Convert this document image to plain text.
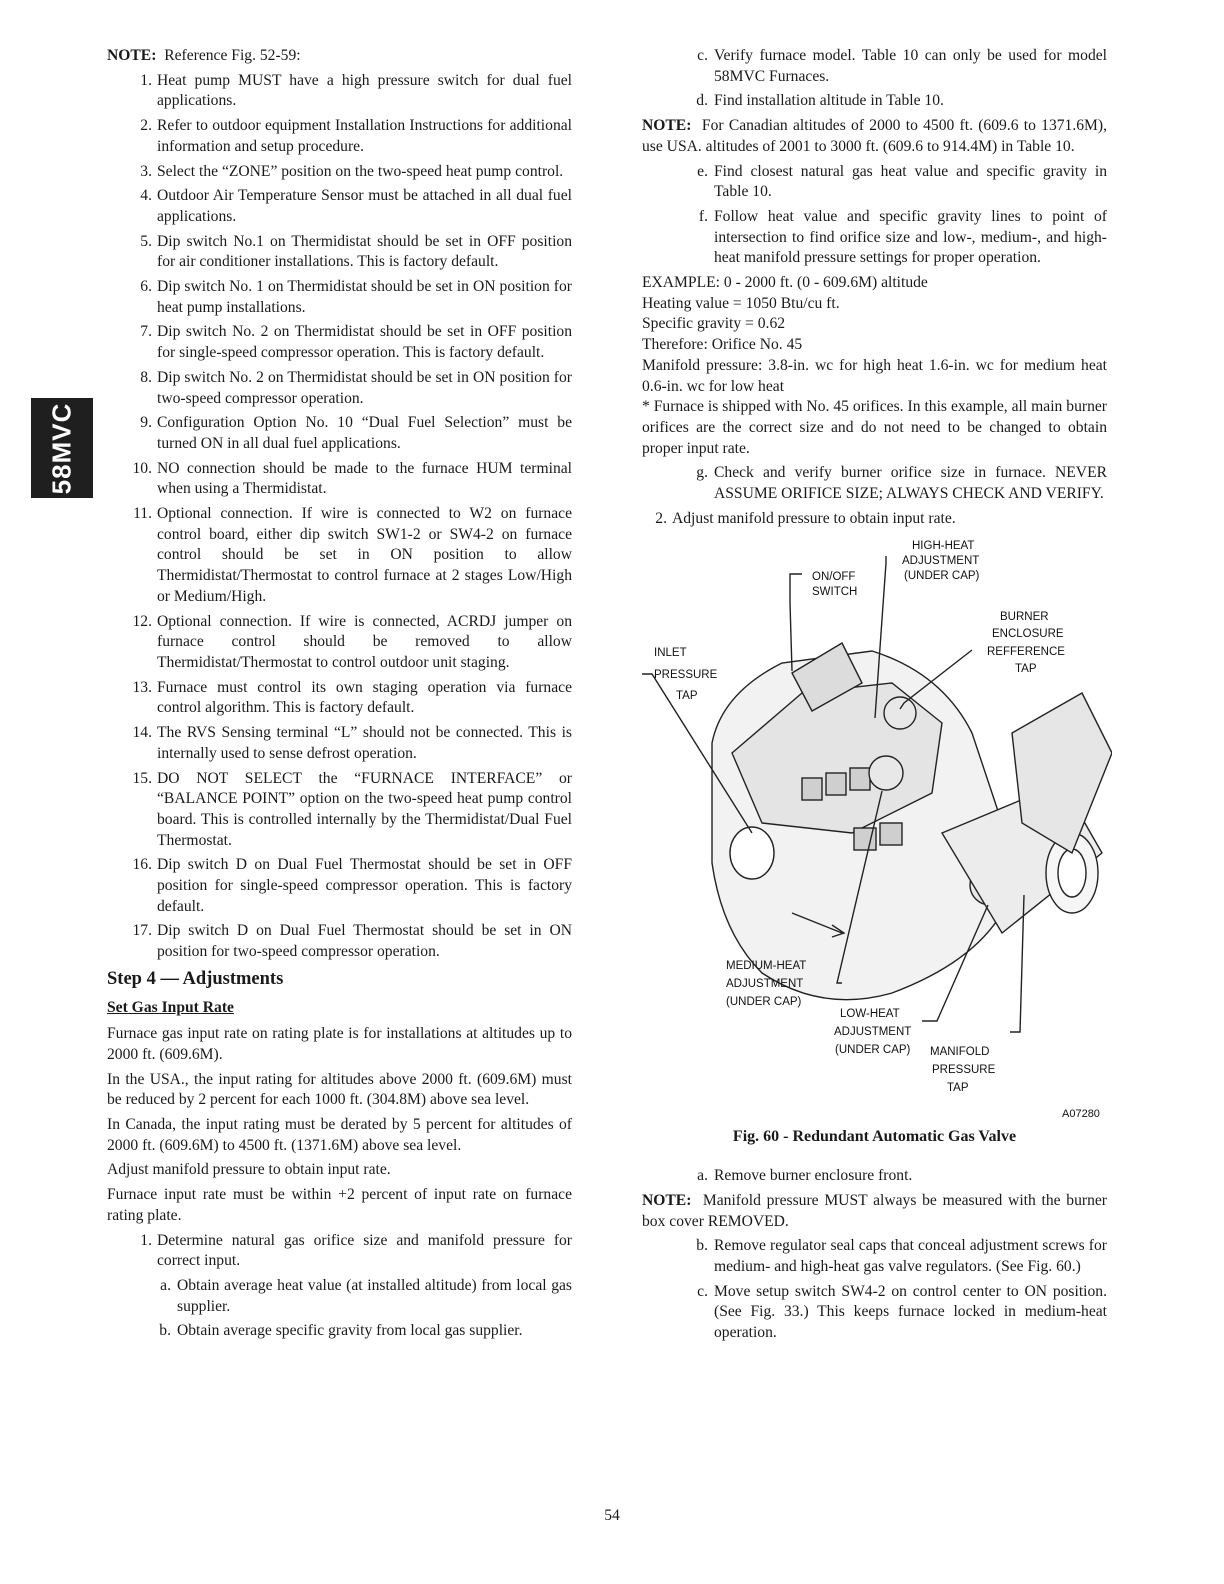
58MVC

NOTE: Reference Fig. 52-59:

1. Heat pump MUST have a high pressure switch for dual fuel applications.
2. Refer to outdoor equipment Installation Instructions for additional information and setup procedure.
3. Select the “ZONE” position on the two-speed heat pump control.
4. Outdoor Air Temperature Sensor must be attached in all dual fuel applications.
5. Dip switch No.1 on Thermidistat should be set in OFF position for air conditioner installations. This is factory default.
6. Dip switch No. 1 on Thermidistat should be set in ON position for heat pump installations.
7. Dip switch No. 2 on Thermidistat should be set in OFF position for single-speed compressor operation. This is factory default.
8. Dip switch No. 2 on Thermidistat should be set in ON position for two-speed compressor operation.
9. Configuration Option No. 10 “Dual Fuel Selection” must be turned ON in all dual fuel applications.
10. NO connection should be made to the furnace HUM terminal when using a Thermidistat.
11. Optional connection. If wire is connected to W2 on furnace control board, either dip switch SW1-2 or SW4-2 on furnace control should be set in ON position to allow Thermidistat/Thermostat to control furnace at 2 stages Low/High or Medium/High.
12. Optional connection. If wire is connected, ACRDJ jumper on furnace control should be removed to allow Thermidistat/Thermostat to control outdoor unit staging.
13. Furnace must control its own staging operation via furnace control algorithm. This is factory default.
14. The RVS Sensing terminal “L” should not be connected. This is internally used to sense defrost operation.
15. DO NOT SELECT the “FURNACE INTERFACE” or “BALANCE POINT” option on the two-speed heat pump control board. This is controlled internally by the Thermidistat/Dual Fuel Thermostat.
16. Dip switch D on Dual Fuel Thermostat should be set in OFF position for single-speed compressor operation. This is factory default.
17. Dip switch D on Dual Fuel Thermostat should be set in ON position for two-speed compressor operation.
Step 4 — Adjustments
Set Gas Input Rate

Furnace gas input rate on rating plate is for installations at altitudes up to 2000 ft. (609.6M).

In the USA., the input rating for altitudes above 2000 ft. (609.6M) must be reduced by 2 percent for each 1000 ft. (304.8M) above sea level.

In Canada, the input rating must be derated by 5 percent for altitudes of 2000 ft. (609.6M) to 4500 ft. (1371.6M) above sea level.

Adjust manifold pressure to obtain input rate.

Furnace input rate must be within +2 percent of input rate on furnace rating plate.

1. Determine natural gas orifice size and manifold pressure for correct input.
a. Obtain average heat value (at installed altitude) from local gas supplier.
b. Obtain average specific gravity from local gas supplier.
c. Verify furnace model. Table 10 can only be used for model 58MVC Furnaces.
d. Find installation altitude in Table 10.

NOTE: For Canadian altitudes of 2000 to 4500 ft. (609.6 to 1371.6M), use USA. altitudes of 2001 to 3000 ft. (609.6 to 914.4M) in Table 10.

e. Find closest natural gas heat value and specific gravity in Table 10.
f. Follow heat value and specific gravity lines to point of intersection to find orifice size and low-, medium-, and high-heat manifold pressure settings for proper operation.

EXAMPLE: 0 - 2000 ft. (0 - 609.6M) altitude

Heating value = 1050 Btu/cu ft.

Specific gravity = 0.62

Therefore: Orifice No. 45

Manifold pressure: 3.8-in. wc for high heat 1.6-in. wc for medium heat 0.6-in. wc for low heat

* Furnace is shipped with No. 45 orifices. In this example, all main burner orifices are the correct size and do not need to be changed to obtain proper input rate.

g. Check and verify burner orifice size in furnace. NEVER ASSUME ORIFICE SIZE; ALWAYS CHECK AND VERIFY.
2. Adjust manifold pressure to obtain input rate.
HIGH-HEAT
ADJUSTMENT
(UNDER CAP)
ON/OFF
SWITCH
BURNER
ENCLOSURE
REFFERENCE
TAP
INLET
PRESSURE
TAP
MEDIUM-HEAT
ADJUSTMENT
(UNDER CAP)
LOW-HEAT
ADJUSTMENT
(UNDER CAP) MANIFOLD
PRESSURE
TAP
A07280
Fig. 60 - Redundant Automatic Gas Valve
a. Remove burner enclosure front.

NOTE: Manifold pressure MUST always be measured with the burner box cover REMOVED.

b. Remove regulator seal caps that conceal adjustment screws for medium- and high-heat gas valve regulators. (See Fig. 60.)
c. Move setup switch SW4-2 on control center to ON position. (See Fig. 33.) This keeps furnace locked in medium-heat operation.
54
